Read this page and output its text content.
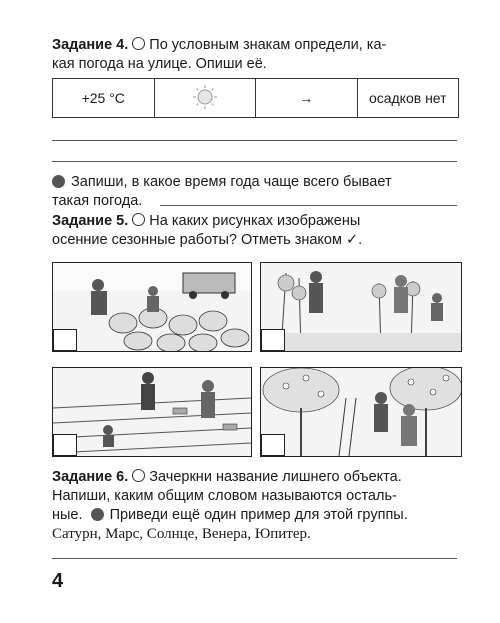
Задание 4. По условным знакам определи, ка-
кая погода на улице. Опиши её.
+25 °C		→	осадков нет
Запиши, в какое время года чаще всего бывает
такая погода.
Задание 5. На каких рисунках изображены
осенние сезонные работы? Отметь знаком ✓.
Задание 6. Зачеркни название лишнего объекта.
Напиши, каким общим словом называются осталь-
ные. Приведи ещё один пример для этой группы.
Сатурн, Марс, Солнце, Венера, Юпитер.
4
